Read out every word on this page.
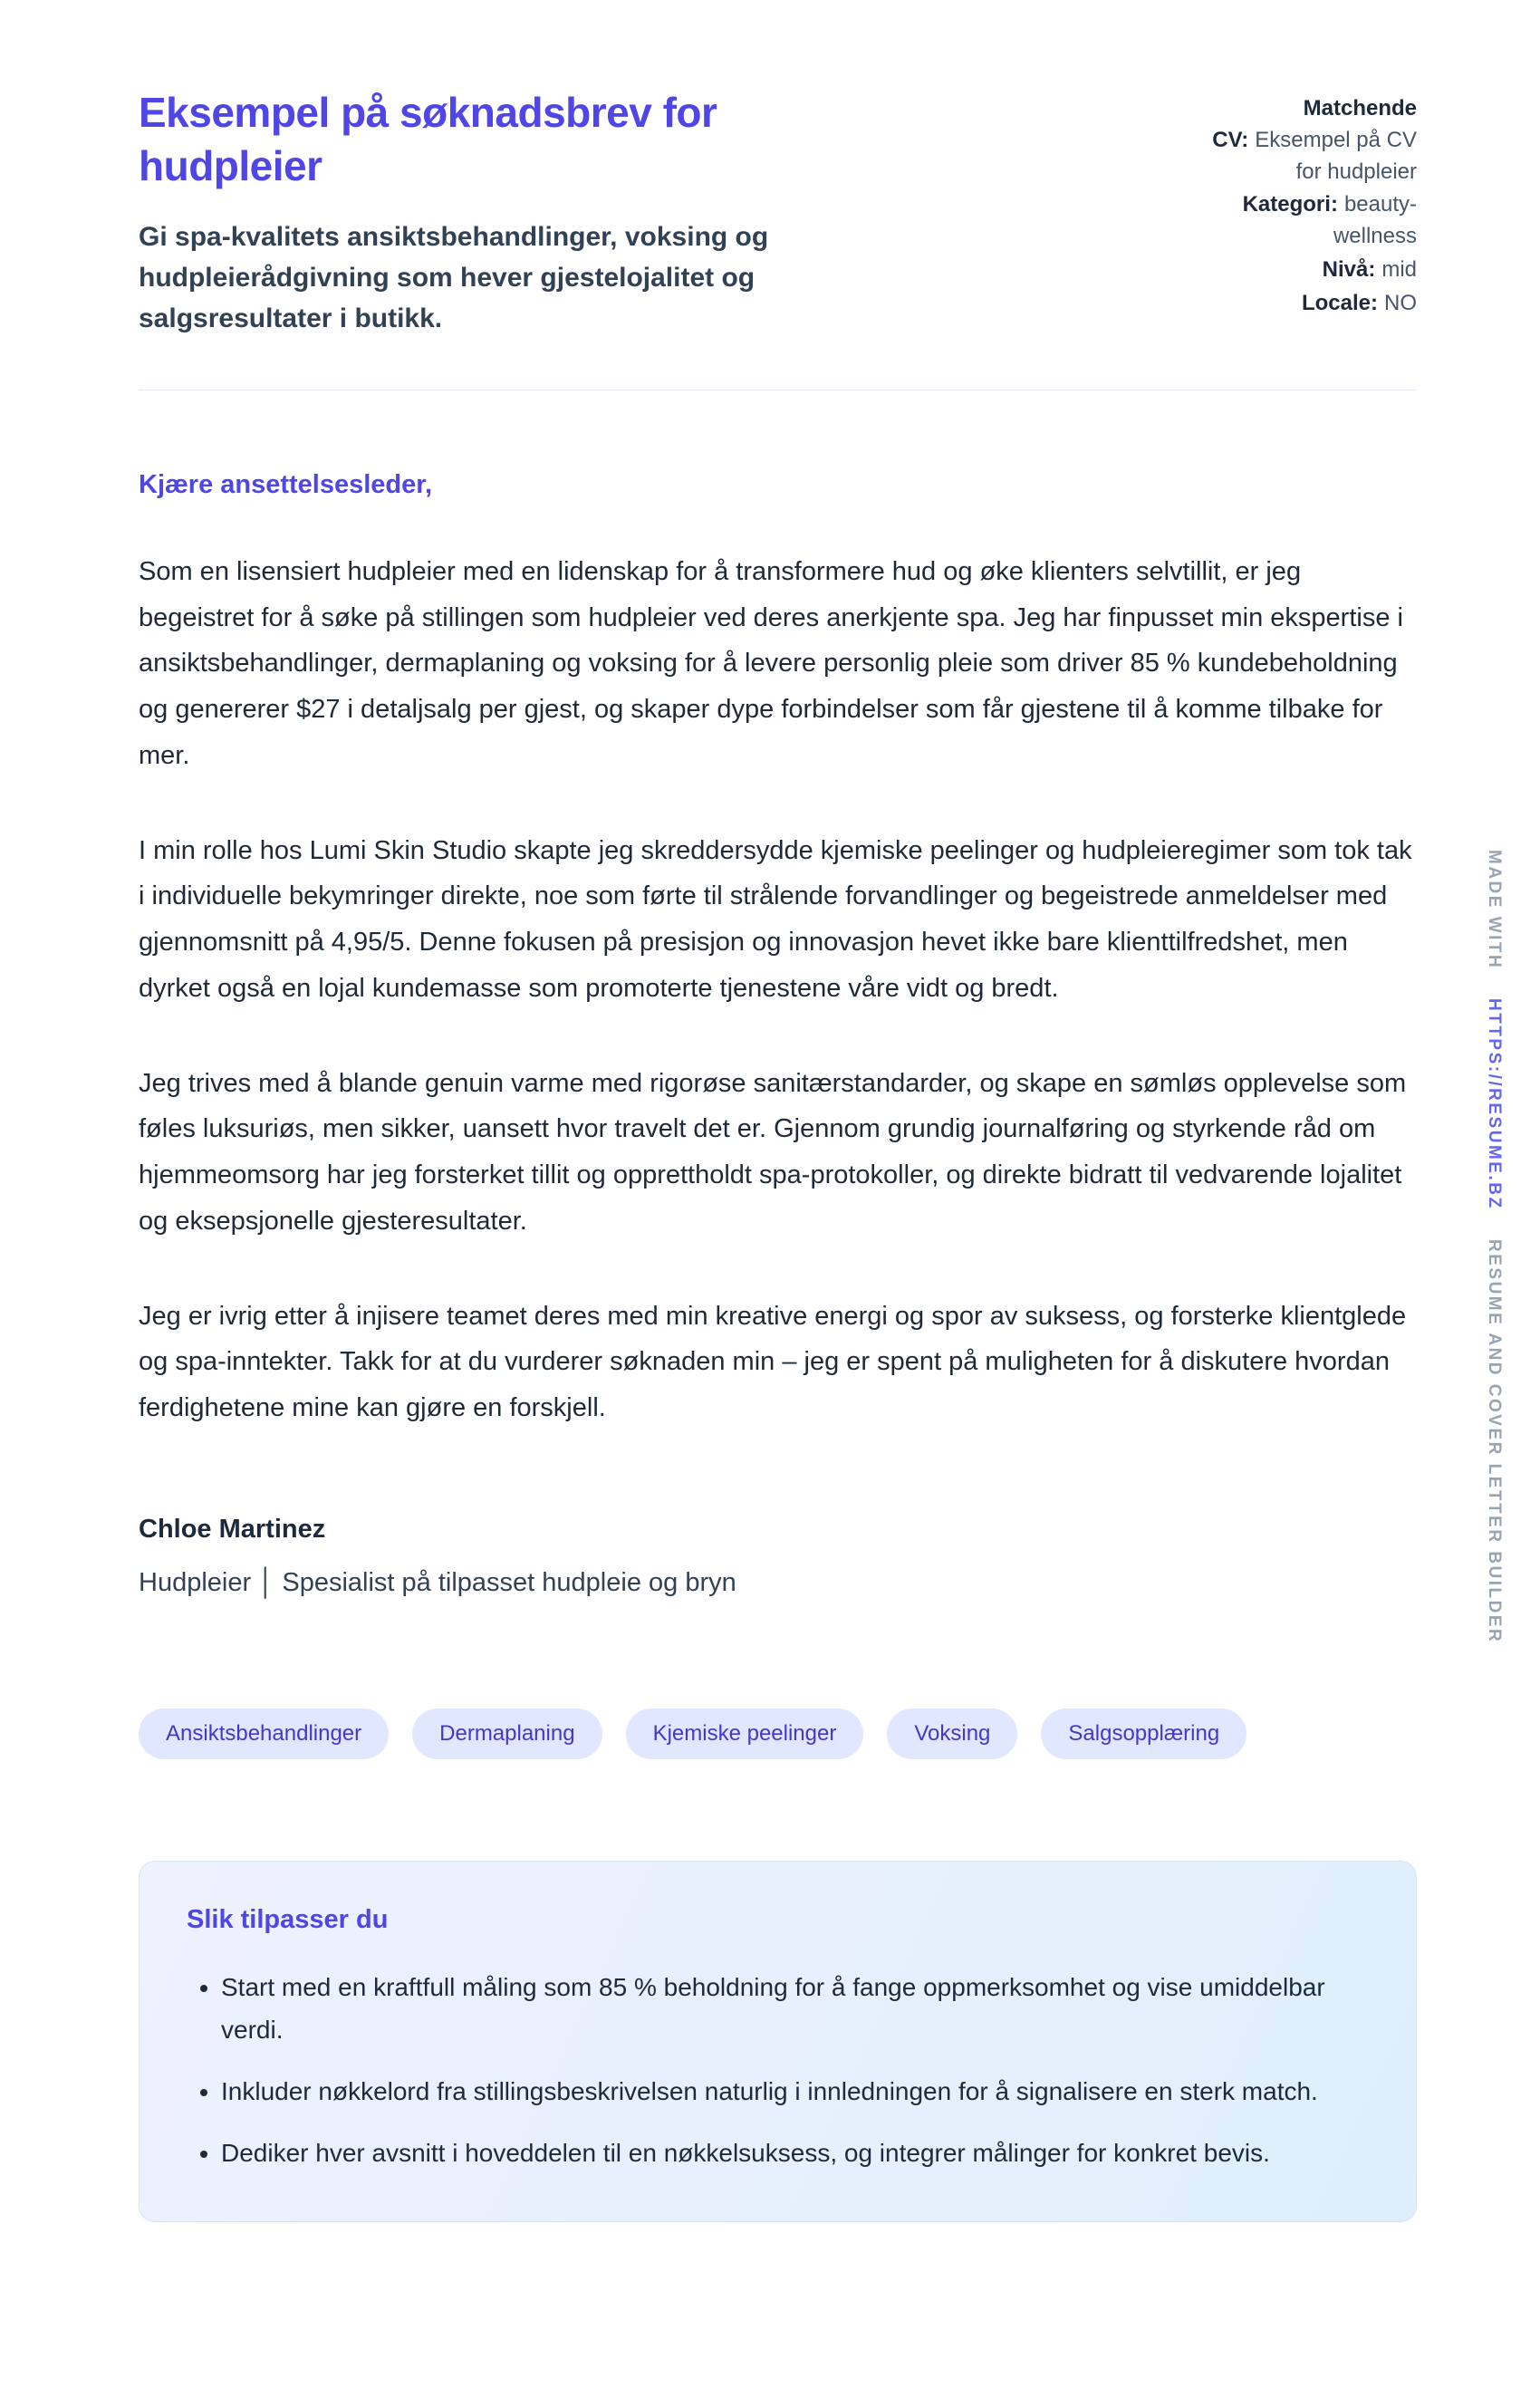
MADE WITH
HTTPS://RESUME.BZ
RESUME AND COVER LETTER BUILDER
Eksempel på søknadsbrev for hudpleier

Gi spa-kvalitets ansiktsbehandlinger, voksing og hudpleierådgivning som hever gjestelojalitet og salgsresultater i butikk.

Matchende CV: Eksempel på CV for hudpleier
Kategori: beauty-wellness
Nivå: mid
Locale: NO

Kjære ansettelsesleder,

Som en lisensiert hudpleier med en lidenskap for å transformere hud og øke klienters selvtillit, er jeg begeistret for å søke på stillingen som hudpleier ved deres anerkjente spa. Jeg har finpusset min ekspertise i ansiktsbehandlinger, dermaplaning og voksing for å levere personlig pleie som driver 85 % kundebeholdning og genererer $27 i detaljsalg per gjest, og skaper dype forbindelser som får gjestene til å komme tilbake for mer.

I min rolle hos Lumi Skin Studio skapte jeg skreddersydde kjemiske peelinger og hudpleieregimer som tok tak i individuelle bekymringer direkte, noe som førte til strålende forvandlinger og begeistrede anmeldelser med gjennomsnitt på 4,95/5. Denne fokusen på presisjon og innovasjon hevet ikke bare klienttilfredshet, men dyrket også en lojal kundemasse som promoterte tjenestene våre vidt og bredt.

Jeg trives med å blande genuin varme med rigorøse sanitærstandarder, og skape en sømløs opplevelse som føles luksuriøs, men sikker, uansett hvor travelt det er. Gjennom grundig journalføring og styrkende råd om hjemmeomsorg har jeg forsterket tillit og opprettholdt spa-protokoller, og direkte bidratt til vedvarende lojalitet og eksepsjonelle gjesteresultater.

Jeg er ivrig etter å injisere teamet deres med min kreative energi og spor av suksess, og forsterke klientglede og spa-inntekter. Takk for at du vurderer søknaden min – jeg er spent på muligheten for å diskutere hvordan ferdighetene mine kan gjøre en forskjell.

Chloe Martinez

Hudpleier │ Spesialist på tilpasset hudpleie og bryn

Ansiktsbehandlinger	Dermaplaning	Kjemiske peelinger	Voksing	Salgsopplæring
Slik tilpasser du
• Start med en kraftfull måling som 85 % beholdning for å fange oppmerksomhet og vise umiddelbar verdi.
• Inkluder nøkkelord fra stillingsbeskrivelsen naturlig i innledningen for å signalisere en sterk match.
• Dediker hver avsnitt i hoveddelen til en nøkkelsuksess, og integrer målinger for konkret bevis.
